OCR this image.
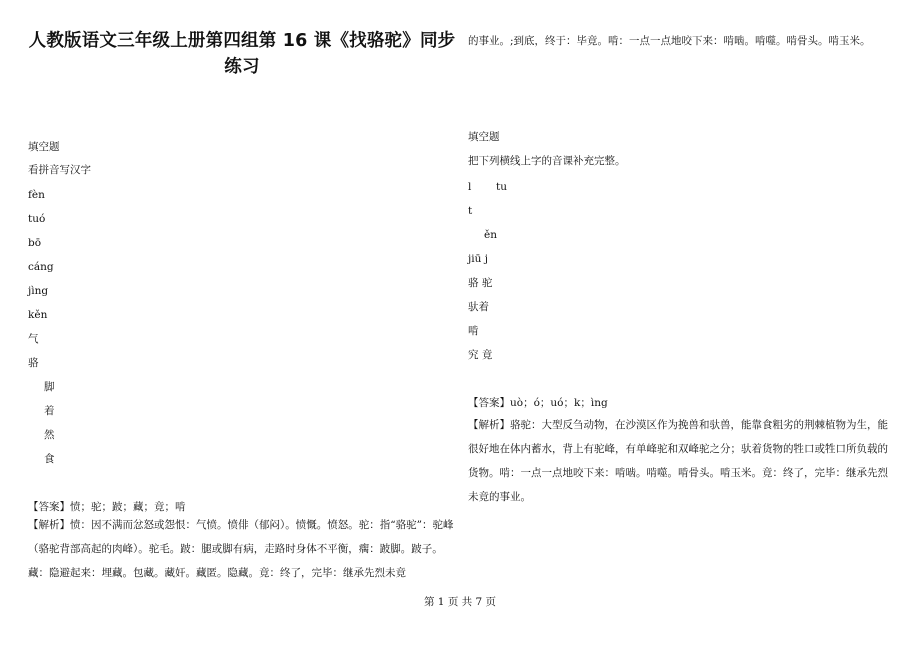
人教版语文三年级上册第四组第 16 课《找骆驼》同步练习
填空题
看拼音写汉字
fèn
tuó
bō
cáng
jìng
kěn
气
骆
脚
着
然
食
【答案】愤；驼；跛；藏；竟；啃
【解析】愤：因不满而忿怒或怨恨：气愤。愤俳（郁闷）。愤慨。愤怒。驼：指“骆驼”：驼峰（骆驼背部高起的肉峰）。驼毛。跛：腿或脚有病，走路时身体不平衡，瘸：跛脚。跛子。藏：隐避起来：埋藏。包藏。藏奸。藏匿。隐藏。竟：终了，完毕：继承先烈未竟
的事业。;到底，终于：毕竟。啃：一点一点地咬下来：啃啮。啃噬。啃骨头。啃玉米。
填空题
把下列横线上字的音课补充完整。
l tu
t
ěn
jiū j
骆 驼
驮着
啃
究 竟
【答案】uò；ó；uó；k；ìng
【解析】骆驼：大型反刍动物，在沙漠区作为挽兽和驮兽，能靠食粗劣的荆棘植物为生，能很好地在体内蓄水，背上有驼峰，有单峰驼和双峰驼之分；驮着货物的牲口或牲口所负载的货物。啃：一点一点地咬下来：啃啮。啃噬。啃骨头。啃玉米。竟：终了，完毕：继承先烈未竟的事业。
第 1 页 共 7 页
